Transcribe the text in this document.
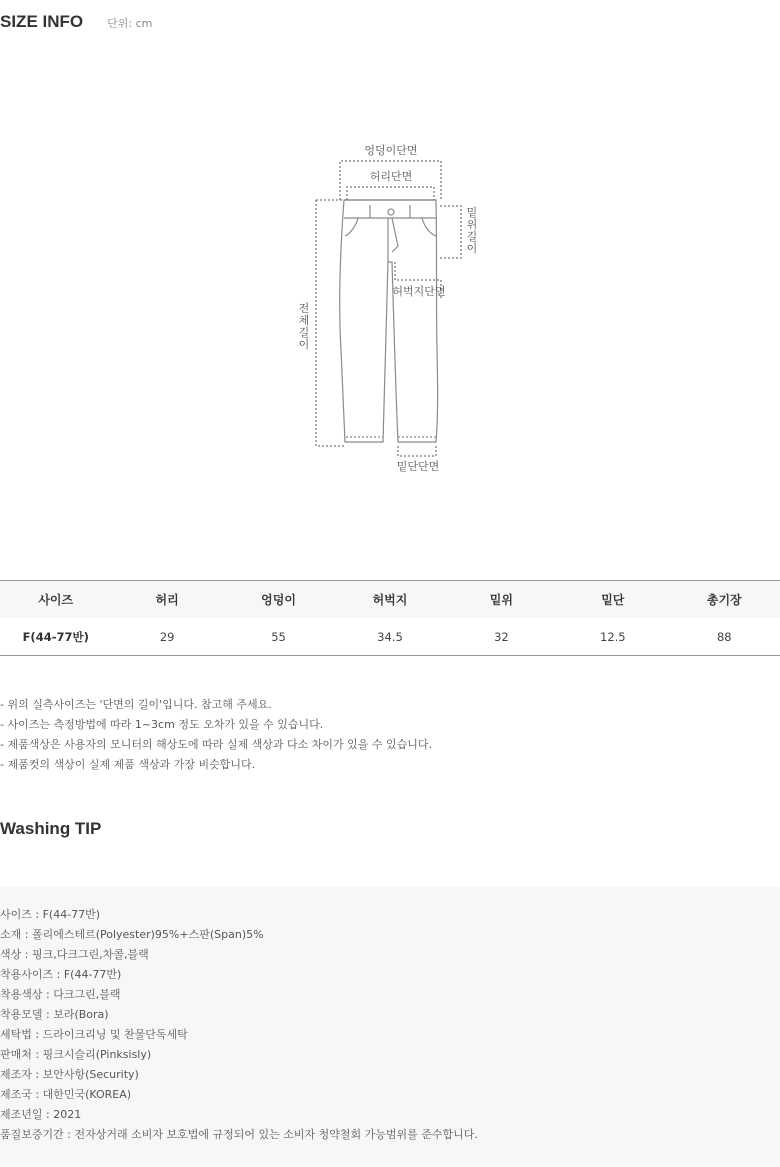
SIZE INFO 단위: cm
엉덩이단면
허리단면
밑
위
길
이
허벅지단면
전
체
길
이
밑단단면
사이즈	허리	엉덩이	허벅지	밑위	밑단	총기장
F(44-77반)	29	55	34.5	32	12.5	88
- 위의 실측사이즈는 '단면의 길이'입니다. 참고해 주세요.
- 사이즈는 측정방법에 따라 1~3cm 정도 오차가 있을 수 있습니다.
- 제품색상은 사용자의 모니터의 해상도에 따라 실제 색상과 다소 차이가 있을 수 있습니다.
- 제품컷의 색상이 실제 제품 색상과 가장 비슷합니다.
Washing TIP
사이즈 : F(44-77반)
소재 : 폴리에스테르(Polyester)95%+스판(Span)5%
색상 : 핑크,다크그린,차콜,블랙
착용사이즈 : F(44-77반)
착용색상 : 다크그린,블랙
착용모델 : 보라(Bora)
세탁법 : 드라이크리닝 및 찬물단독세탁
판매처 : 핑크시슬리(Pinksisly)
제조자 : 보안사항(Security)
제조국 : 대한민국(KOREA)
제조년일 : 2021
품질보증기간 : 전자상거래 소비자 보호법에 규정되어 있는 소비자 청약철회 가능범위를 준수합니다.
